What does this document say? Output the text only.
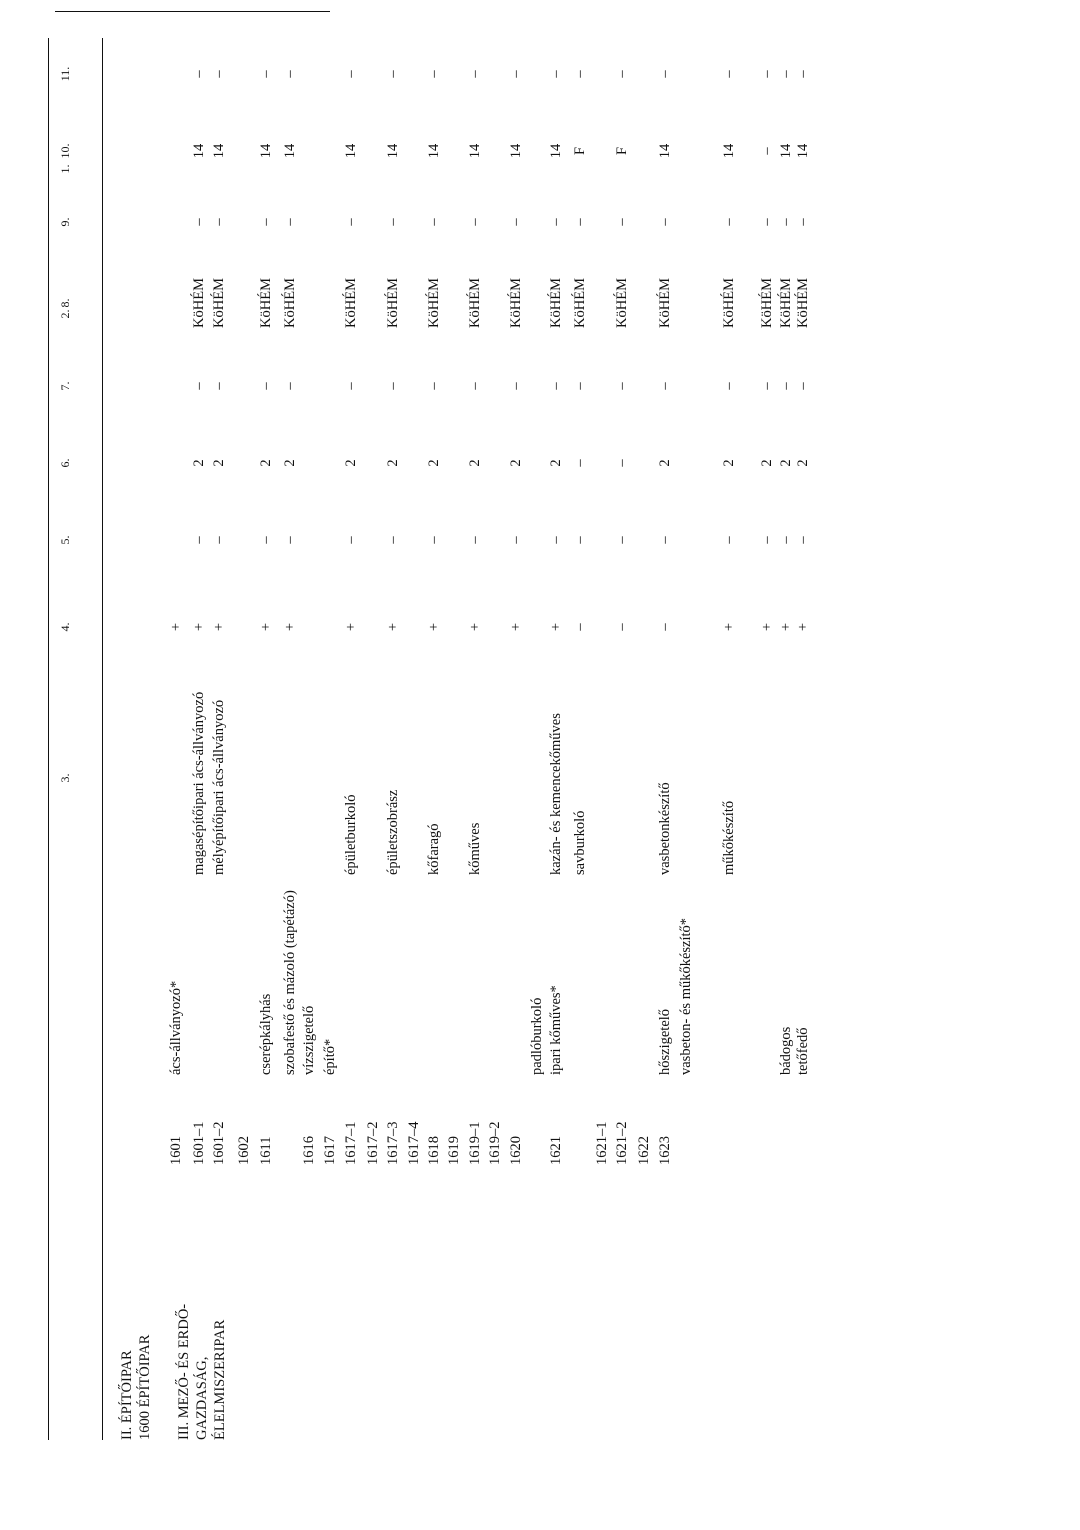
1.
2.
3.
4.
5.
6.
7.
8.
9.
10.
11.
II. ÉPÍTŐIPAR 1600 ÉPÍTŐIPAR III. MEZŐ- ÉS ERDŐ- GAZDASÁG, ÉLELMISZERIPAR
1601
ács-állványozó*
+
1601–1
magasépítőipari ács-állványozó
+
–
2
–
KöHÉM
–
14
–
1601–2
mélyépítőipari ács-állványozó
+
–
2
–
KöHÉM
–
14
–
1602 1611
cserépkályhás
+
–
2
–
KöHÉM
–
14
–
szobafestő és mázoló (tapétázó)
+
–
2
–
KöHÉM
–
14
–
1616
vízszigetelő
1617
építő*
1617–1
épületburkoló
+
–
2
–
KöHÉM
–
14
–
1617–2 1617–3
épületszobrász
+
–
2
–
KöHÉM
–
14
–
1617–4 1618
kőfaragó
+
–
2
–
KöHÉM
–
14
–
1619 1619–1
kőműves
+
–
2
–
KöHÉM
–
14
–
1619–2 1620
+
–
2
–
KöHÉM
–
14
–
padlóburkoló
1621
ipari kőműves*
kazán- és kemencekőműves
+
–
2
–
KöHÉM
–
14
–
savburkoló
–
–
–
–
KöHÉM
–
F
–
1621–1 1621–2
–
–
–
–
KöHÉM
–
F
–
1622 1623
hőszigetelő
vasbetonkészítő
–
–
2
–
KöHÉM
–
14
–
vasbeton- és műkőkészítő*
műkőkészítő
+
–
2
–
KöHÉM
–
14
–
+
–
2
–
KöHÉM
–
–
–
bádogos
+
–
2
–
KöHÉM
–
14
–
tetőfedő
+
–
2
–
KöHÉM
–
14
–
